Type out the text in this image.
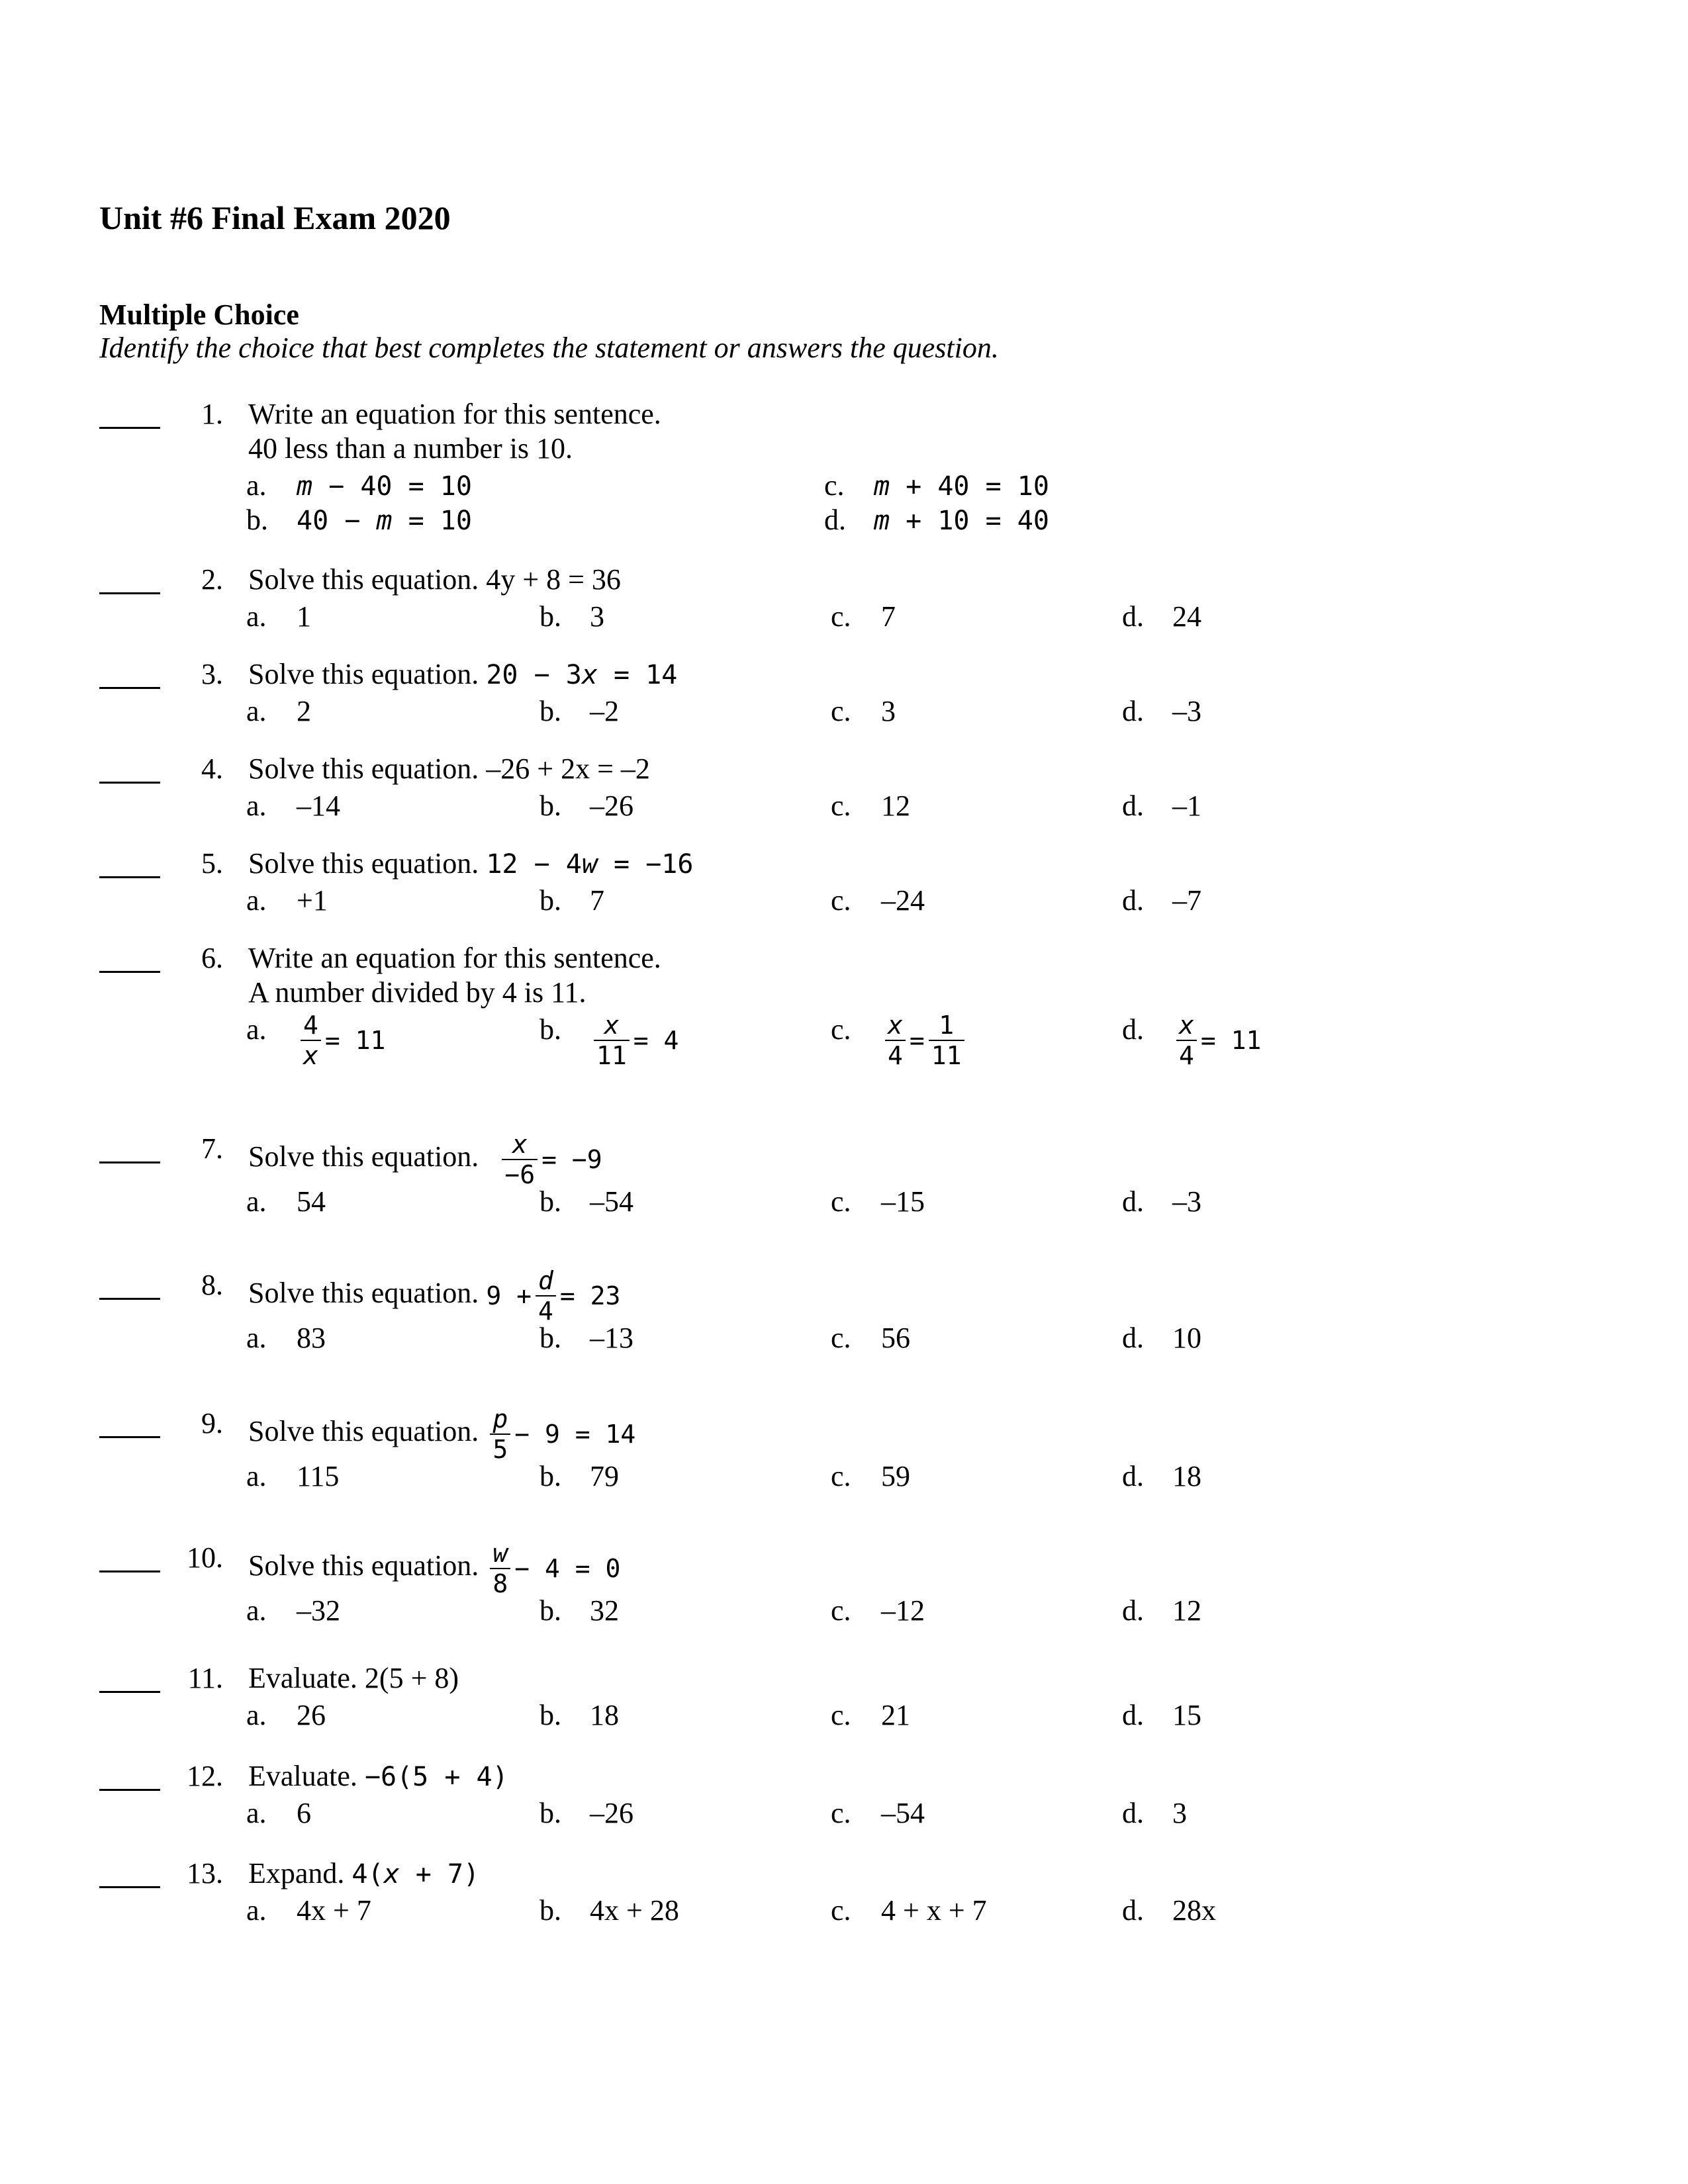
Unit #6 Final Exam 2020
Multiple Choice
Identify the choice that best completes the statement or answers the question.
1. Write an equation for this sentence.
40 less than a number is 10.
a. m − 40 = 10
b. 40 − m = 10
c. m + 40 = 10
d. m + 10 = 40
2. Solve this equation. 4y + 8 = 36
a. 1	b. 3	c. 7	d. 24
3. Solve this equation. 20 − 3x = 14
a. 2	b. –2	c. 3	d. –3
4. Solve this equation. –26 + 2x = –2
a. –14	b. –26	c. 12	d. –1
5. Solve this equation. 12 − 4w = −16
a. +1	b. 7	c. –24	d. –7
6. Write an equation for this sentence.
A number divided by 4 is 11.
a. $\frac{4}{x} = 11$	b. $\frac{x}{11} = 4$	c. $\frac{x}{4} = \frac{1}{11}$	d. $\frac{x}{4} = 11$
7. Solve this equation. $\frac{x}{-6} = -9$
a. 54	b. –54	c. –15	d. –3
8. Solve this equation. $9 + \frac{d}{4} = 23$
a. 83	b. –13	c. 56	d. 10
9. Solve this equation. $\frac{p}{5} - 9 = 14$
a. 115	b. 79	c. 59	d. 18
10. Solve this equation. $\frac{w}{8} - 4 = 0$
a. –32	b. 32	c. –12	d. 12
11. Evaluate. 2(5 + 8)
a. 26	b. 18	c. 21	d. 15
12. Evaluate. −6(5 + 4)
a. 6	b. –26	c. –54	d. 3
13. Expand. 4(x + 7)
a. 4x + 7	b. 4x + 28	c. 4 + x + 7	d. 28x
